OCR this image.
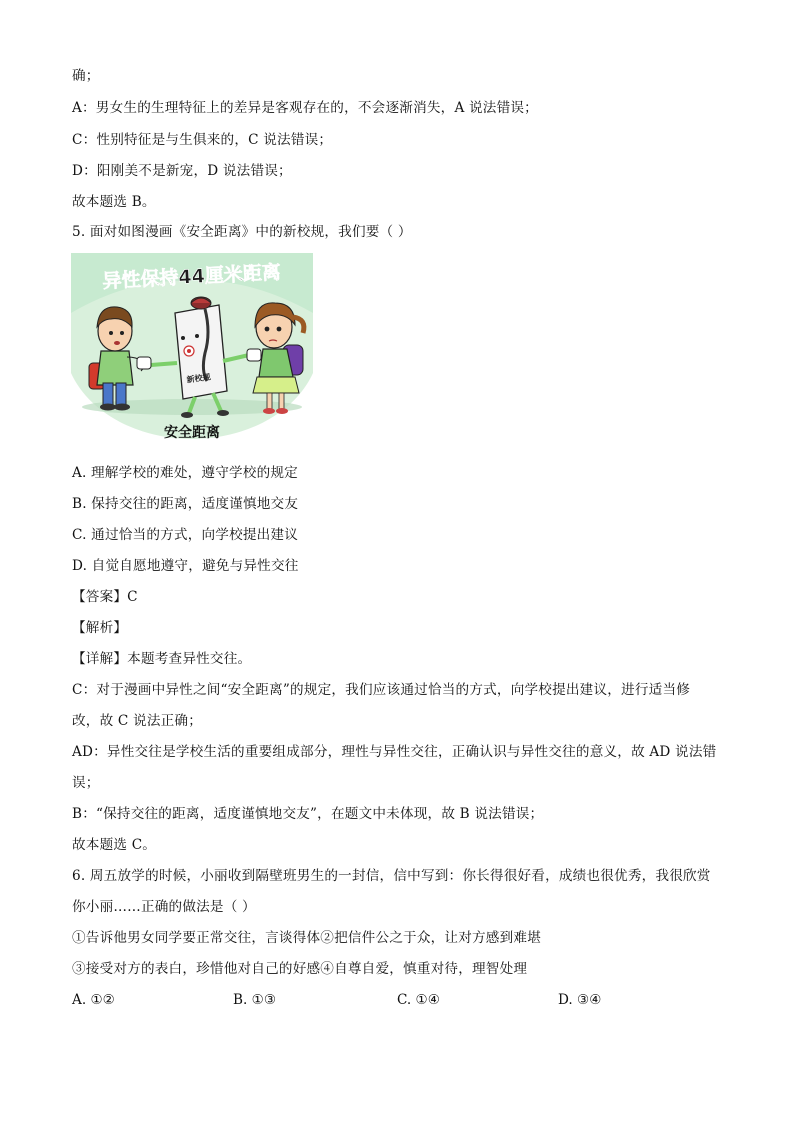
确；
A：男女生的生理特征上的差异是客观存在的，不会逐渐消失，A 说法错误；
C：性别特征是与生俱来的，C 说法错误；
D：阳刚美不是新宠，D 说法错误；
故本题选 B。
5. 面对如图漫画《安全距离》中的新校规，我们要（ ）
异性保持44厘米距离
新校规
安全距离
A. 理解学校的难处，遵守学校的规定
B. 保持交往的距离，适度谨慎地交友
C. 通过恰当的方式，向学校提出建议
D. 自觉自愿地遵守，避免与异性交往
【答案】C
【解析】
【详解】本题考查异性交往。
C：对于漫画中异性之间“安全距离”的规定，我们应该通过恰当的方式，向学校提出建议，进行适当修
改，故 C 说法正确；
AD：异性交往是学校生活的重要组成部分，理性与异性交往，正确认识与异性交往的意义，故 AD 说法错
误；
B：“保持交往的距离，适度谨慎地交友”，在题文中未体现，故 B 说法错误；
故本题选 C。
6. 周五放学的时候，小丽收到隔壁班男生的一封信，信中写到：你长得很好看，成绩也很优秀，我很欣赏
你小丽……正确的做法是（ ）
①告诉他男女同学要正常交往，言谈得体②把信件公之于众，让对方感到难堪
③接受对方的表白，珍惜他对自己的好感④自尊自爱，慎重对待，理智处理
A. ①②	B. ①③	C. ①④	D. ③④
